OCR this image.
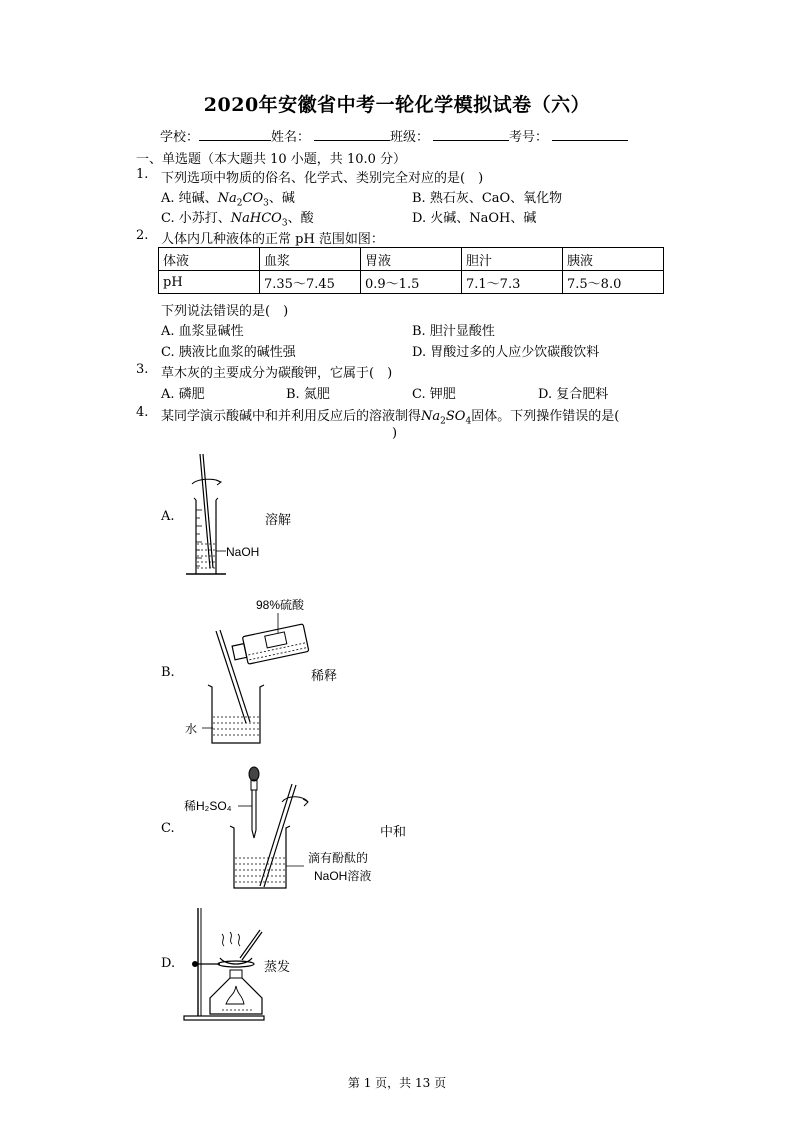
2020年安徽省中考一轮化学模拟试卷（六）
学校：	姓名：	班级：	考号：
一、单选题（本大题共 10 小题，共 10.0 分）
1. 下列选项中物质的俗名、化学式、类别完全对应的是(　)
A. 纯碱、$Na_2CO_3$、碱	B. 熟石灰、CaO、氧化物
C. 小苏打、NaHCO$_3$、酸	D. 火碱、NaOH、碱
2. 人体内几种液体的正常 pH 范围如图：
体液	血浆	胃液	胆汁	胰液
pH	7.35～7.45	0.9～1.5	7.1～7.3	7.5～8.0
下列说法错误的是(　)
A. 血浆显碱性	B. 胆汁显酸性
C. 胰液比血浆的碱性强	D. 胃酸过多的人应少饮碳酸饮料
3. 草木灰的主要成分为碳酸钾，它属于(　)
A. 磷肥	B. 氮肥	C. 钾肥	D. 复合肥料
4. 某同学演示酸碱中和并利用反应后的溶液制得$Na_2SO_4$固体。下列操作错误的是(
)
A.	溶解
NaOH
B.	稀释
98%硫酸
水
C.	中和
稀H₂SO₄
滴有酚酞的
NaOH溶液
D.	蒸发
第 1 页，共 13 页
